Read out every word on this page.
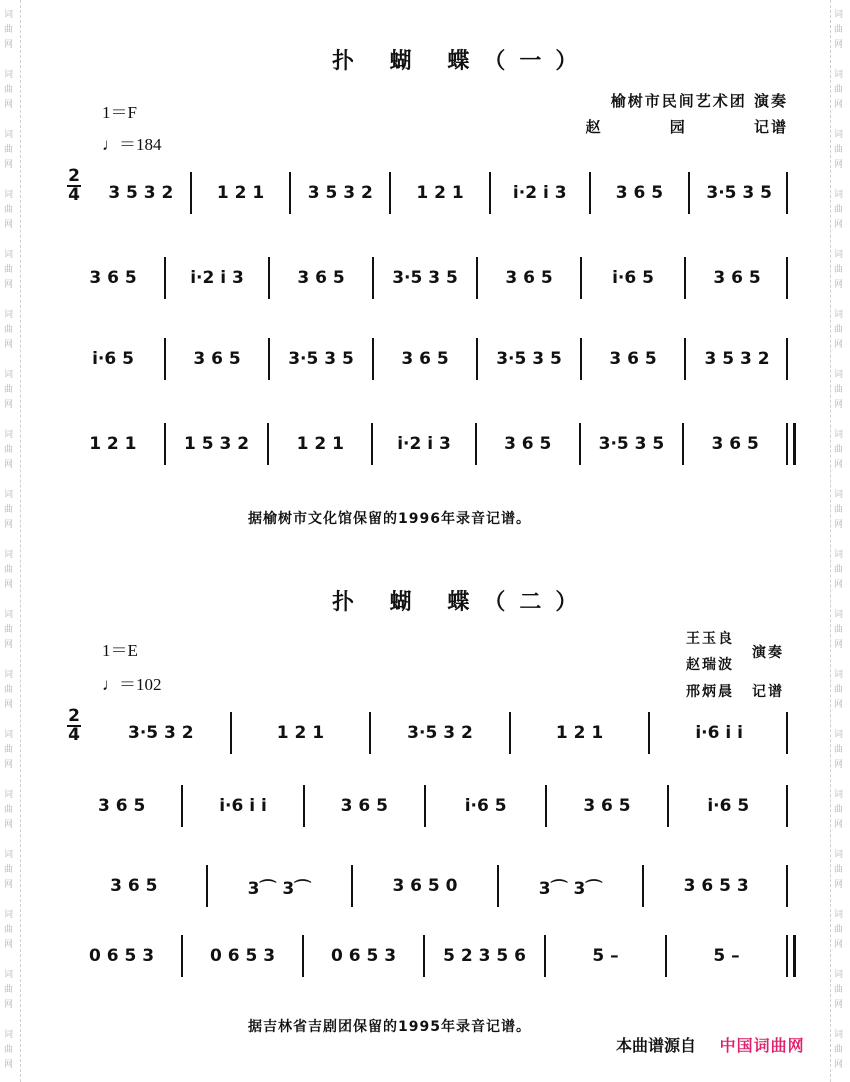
词曲网
词曲网
词曲网
词曲网
词曲网
词曲网
词曲网
词曲网
词曲网
词曲网
词曲网
词曲网
词曲网
词曲网
词曲网
词曲网
词曲网
词曲网
词曲网
词曲网
词曲网
词曲网
词曲网
词曲网
词曲网
词曲网
词曲网
词曲网
词曲网
词曲网
词曲网
词曲网
词曲网
词曲网
词曲网
词曲网
扑 蝴 蝶（一）
1＝F
♩＝184
榆树市民间艺术团 演奏
赵 园 记谱
2
4 3 5 3 2	1 2 1	3 5 3 2	1 2 1	i·2 i 3	3 6 5	3·5 3 5
3 6 5	i·2 i 3	3 6 5	3·5 3 5	3 6 5	i·6 5	3 6 5
i·6 5	3 6 5	3·5 3 5	3 6 5	3·5 3 5	3 6 5	3 5 3 2
1 2 1	1 5 3 2	1 2 1	i·2 i 3	3 6 5	3·5 3 5	3 6 5
据榆树市文化馆保留的1996年录音记谱。
扑 蝴 蝶（二）
1＝E
♩＝102
王玉良
赵瑞波
演奏
邢炳晨 记谱
2
4	3·5 3 2	1 2 1	3·5 3 2	1 2 1	i·6 i i
3 6 5	i·6 i i	3 6 5	i·6 5	3 6 5	i·6 5
3 6 5	3⌒ 3⌒	3 6 5 0	3⌒ 3⌒	3 6 5 3
0 6 5 3	0 6 5 3	0 6 5 3	5 2 3 5 6	5 –	5 –
据吉林省吉剧团保留的1995年录音记谱。
本曲谱源自 中国词曲网
